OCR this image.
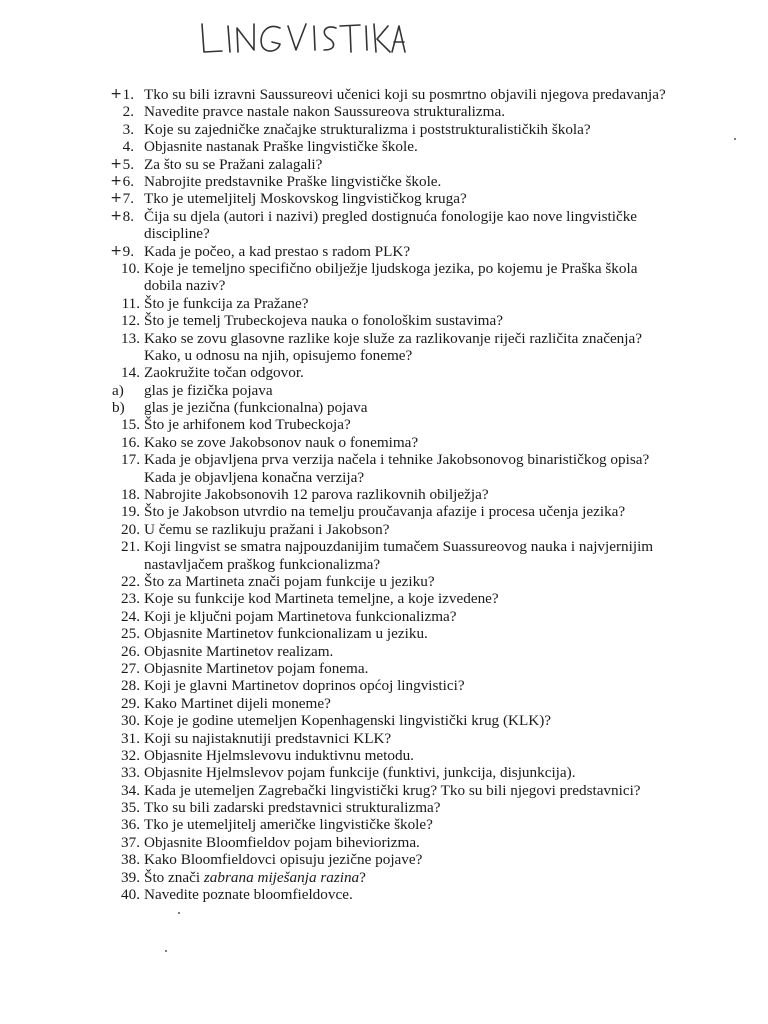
+ 1. Tko su bili izravni Saussureovi učenici koji su posmrtno objavili njegova predavanja?
2. Navedite pravce nastale nakon Saussureova strukturalizma.
3. Koje su zajedničke značajke strukturalizma i poststrukturalističkih škola?
4. Objasnite nastanak Praške lingvističke škole.
+ 5. Za što su se Pražani zalagali?
+ 6. Nabrojite predstavnike Praške lingvističke škole.
+ 7. Tko je utemeljitelj Moskovskog lingvističkog kruga?
+ 8. Čija su djela (autori i nazivi) pregled dostignuća fonologije kao nove lingvističke
discipline?
+ 9. Kada je počeo, a kad prestao s radom PLK?
10. Koje je temeljno specifično obilježje ljudskoga jezika, po kojemu je Praška škola
dobila naziv?
11. Što je funkcija za Pražane?
12. Što je temelj Trubeckojeva nauka o fonološkim sustavima?
13. Kako se zovu glasovne razlike koje služe za razlikovanje riječi različita značenja?
Kako, u odnosu na njih, opisujemo foneme?
14. Zaokružite točan odgovor.
a)	glas je fizička pojava
b)	glas je jezična (funkcionalna) pojava
15. Što je arhifonem kod Trubeckoja?
16. Kako se zove Jakobsonov nauk o fonemima?
17. Kada je objavljena prva verzija načela i tehnike Jakobsonovog binarističkog opisa?
Kada je objavljena konačna verzija?
18. Nabrojite Jakobsonovih 12 parova razlikovnih obilježja?
19. Što je Jakobson utvrdio na temelju proučavanja afazije i procesa učenja jezika?
20. U čemu se razlikuju pražani i Jakobson?
21. Koji lingvist se smatra najpouzdanijim tumačem Suassureovog nauka i najvjernijim
nastavljačem praškog funkcionalizma?
22. Što za Martineta znači pojam funkcije u jeziku?
23. Koje su funkcije kod Martineta temeljne, a koje izvedene?
24. Koji je ključni pojam Martinetova funkcionalizma?
25. Objasnite Martinetov funkcionalizam u jeziku.
26. Objasnite Martinetov realizam.
27. Objasnite Martinetov pojam fonema.
28. Koji je glavni Martinetov doprinos općoj lingvistici?
29. Kako Martinet dijeli moneme?
30. Koje je godine utemeljen Kopenhagenski lingvistički krug (KLK)?
31. Koji su najistaknutiji predstavnici KLK?
32. Objasnite Hjelmslevovu induktivnu metodu.
33. Objasnite Hjelmslevov pojam funkcije (funktivi, junkcija, disjunkcija).
34. Kada je utemeljen Zagrebački lingvistički krug? Tko su bili njegovi predstavnici?
35. Tko su bili zadarski predstavnici strukturalizma?
36. Tko je utemeljitelj američke lingvističke škole?
37. Objasnite Bloomfieldov pojam biheviorizma.
38. Kako Bloomfieldovci opisuju jezične pojave?
39. Što znači zabrana miješanja razina?
40. Navedite poznate bloomfieldovce.
